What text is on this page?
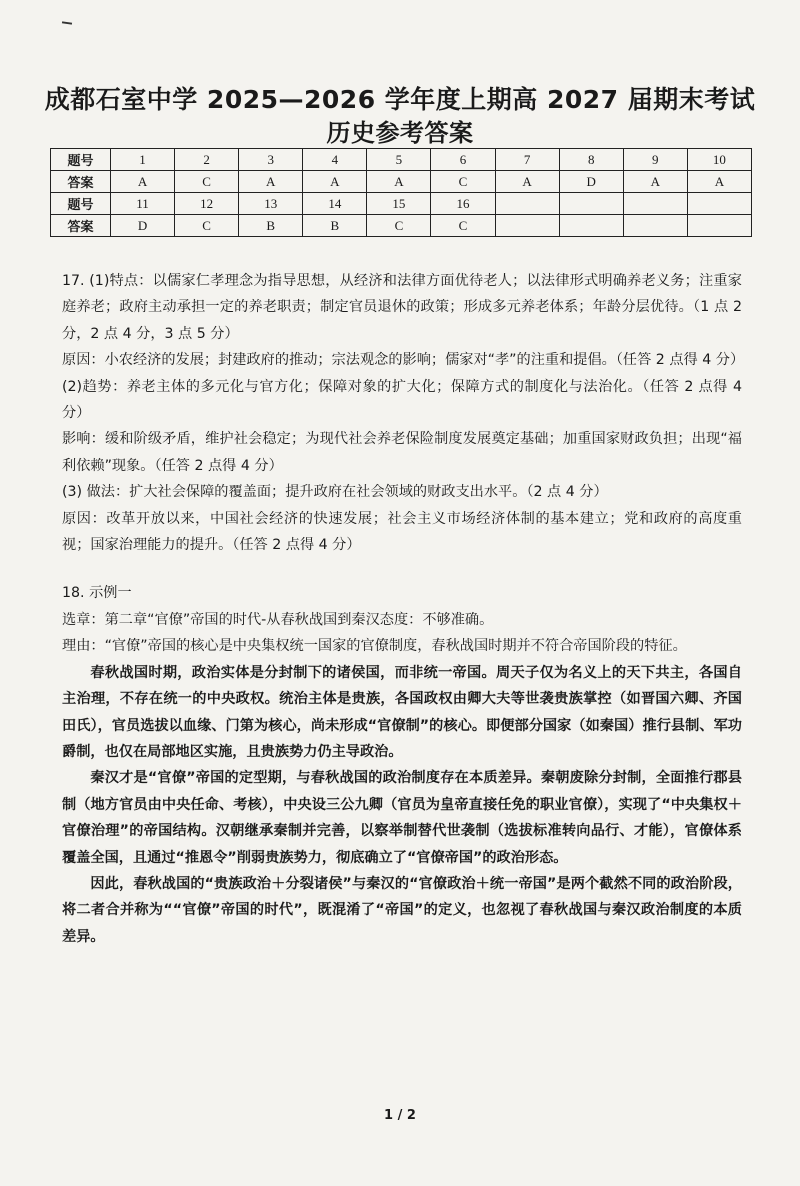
成都石室中学 2025—2026 学年度上期高 2027 届期末考试
历史参考答案
题号	1	2	3	4	5	6	7	8	9	10
答案	A	C	A	A	A	C	A	D	A	A
题号	11	12	13	14	15	16				
答案	D	C	B	B	C	C				

17. (1)特点：以儒家仁孝理念为指导思想，从经济和法律方面优待老人；以法律形式明确养老义务；注重家庭养老；政府主动承担一定的养老职责；制定官员退休的政策；形成多元养老体系；年龄分层优待。（1 点 2 分，2 点 4 分，3 点 5 分）

原因：小农经济的发展；封建政府的推动；宗法观念的影响；儒家对“孝”的注重和提倡。（任答 2 点得 4 分）

(2)趋势：养老主体的多元化与官方化；保障对象的扩大化；保障方式的制度化与法治化。（任答 2 点得 4 分）

影响：缓和阶级矛盾，维护社会稳定；为现代社会养老保险制度发展奠定基础；加重国家财政负担；出现“福利依赖”现象。（任答 2 点得 4 分）

(3) 做法：扩大社会保障的覆盖面；提升政府在社会领域的财政支出水平。（2 点 4 分）

原因：改革开放以来，中国社会经济的快速发展；社会主义市场经济体制的基本建立；党和政府的高度重视；国家治理能力的提升。（任答 2 点得 4 分）

18. 示例一

选章：第二章“官僚”帝国的时代-从春秋战国到秦汉态度：不够准确。

理由：“官僚”帝国的核心是中央集权统一国家的官僚制度，春秋战国时期并不符合帝国阶段的特征。

春秋战国时期，政治实体是分封制下的诸侯国，而非统一帝国。周天子仅为名义上的天下共主，各国自主治理，不存在统一的中央政权。统治主体是贵族，各国政权由卿大夫等世袭贵族掌控（如晋国六卿、齐国田氏），官员选拔以血缘、门第为核心，尚未形成“官僚制”的核心。即便部分国家（如秦国）推行县制、军功爵制，也仅在局部地区实施，且贵族势力仍主导政治。

秦汉才是“官僚”帝国的定型期，与春秋战国的政治制度存在本质差异。秦朝废除分封制，全面推行郡县制（地方官员由中央任命、考核），中央设三公九卿（官员为皇帝直接任免的职业官僚），实现了“中央集权＋官僚治理”的帝国结构。汉朝继承秦制并完善，以察举制替代世袭制（选拔标准转向品行、才能），官僚体系覆盖全国，且通过“推恩令”削弱贵族势力，彻底确立了“官僚帝国”的政治形态。

因此，春秋战国的“贵族政治＋分裂诸侯”与秦汉的“官僚政治＋统一帝国”是两个截然不同的政治阶段，将二者合并称为““官僚”帝国的时代”，既混淆了“帝国”的定义，也忽视了春秋战国与秦汉政治制度的本质差异。

1 / 2
